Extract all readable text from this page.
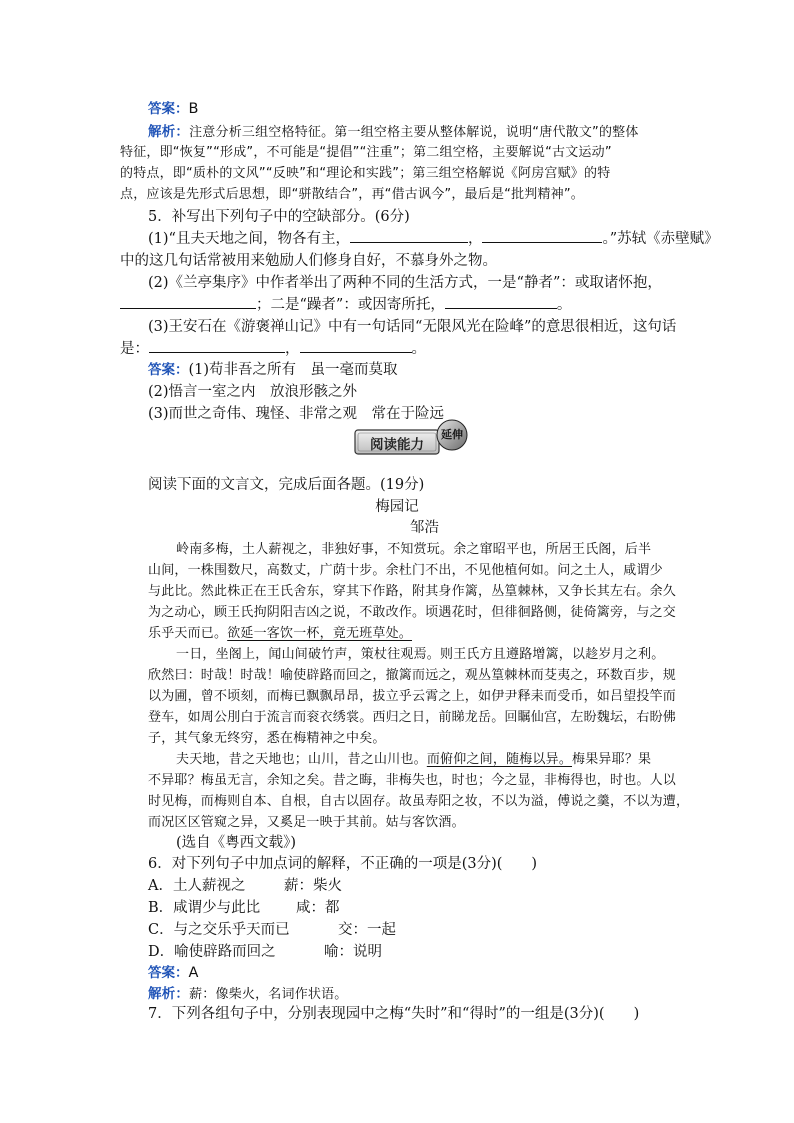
答案：B
解析：注意分析三组空格特征。第一组空格主要从整体解说，说明“唐代散文”的整体
特征，即“恢复”“形成”，不可能是“提倡”“注重”；第二组空格，主要解说“古文运动”
的特点，即“质朴的文风”“反映”和“理论和实践”；第三组空格解说《阿房宫赋》的特
点，应该是先形式后思想，即“骈散结合”，再“借古讽今”，最后是“批判精神”。
5．补写出下列句子中的空缺部分。(6分)
(1)“且夫天地之间，物各有主，	，	。”苏轼《赤壁赋》
中的这几句话常被用来勉励人们修身自好，不慕身外之物。
(2)《兰亭集序》中作者举出了两种不同的生活方式，一是“静者”：或取诸怀抱，
；二是“躁者”：或因寄所托，	。
(3)王安石在《游褒禅山记》中有一句话同“无限风光在险峰”的意思很相近，这句话
是：	，	。
答案：(1)苟非吾之所有　虽一毫而莫取
(2)悟言一室之内　放浪形骸之外
(3)而世之奇伟、瑰怪、非常之观　常在于险远
阅读能力
延伸
阅读下面的文言文，完成后面各题。(19分)
梅园记
邹浩
岭南多梅，土人薪视之，非独好事，不知赏玩。余之窜昭平也，所居王氏阁，后半
山间，一株围数尺，高数丈，广荫十步。余杜门不出，不见他植何如。问之土人，咸谓少
与此比。然此株正在王氏舍东，穿其下作路，附其身作篱，丛篁棘林，又争长其左右。余久
为之动心，顾王氏拘阴阳吉凶之说，不敢改作。顷遇花时，但徘徊路侧，徒倚篱旁，与之交
乐乎天而已。欲延一客饮一杯，竟无班草处。
一日，坐阁上，闻山间破竹声，策杖往观焉。则王氏方且遵路增篱，以趁岁月之利。
欣然曰：时哉！时哉！喻使辟路而回之，撤篱而远之，观丛篁棘林而芟夷之，环数百步，规
以为圃，曾不顷刻，而梅已飘飘昂昂，拔立乎云霄之上，如伊尹释耒而受币，如吕望投竿而
登车，如周公刖白于流言而衮衣绣裳。西归之日，前睇龙岳。回瞩仙宫，左盼魏坛，右盼佛
子，其气象无终穷，悉在梅精神之中矣。
夫天地，昔之天地也；山川，昔之山川也。而俯仰之间，随梅以异。梅果异耶？果
不异耶？梅虽无言，余知之矣。昔之晦，非梅失也，时也；今之显，非梅得也，时也。人以
时见梅，而梅则自本、自根，自古以固存。故虽寿阳之妆，不以为溢，傅说之羹，不以为遭，
而况区区管窥之异，又奚足一映于其前。姑与客饮酒。
(选自《粤西文载》)
6．对下列句子中加点词的解释，不正确的一项是(3分)(　　)
A．土人薪视之	薪：柴火
B．咸谓少与此比 咸：都
C．与之交乐乎天而已	交：一起
D．喻使辟路而回之	喻：说明
答案：A
解析：薪：像柴火，名词作状语。
7．下列各组句子中，分别表现园中之梅“失时”和“得时”的一组是(3分)(　　)
